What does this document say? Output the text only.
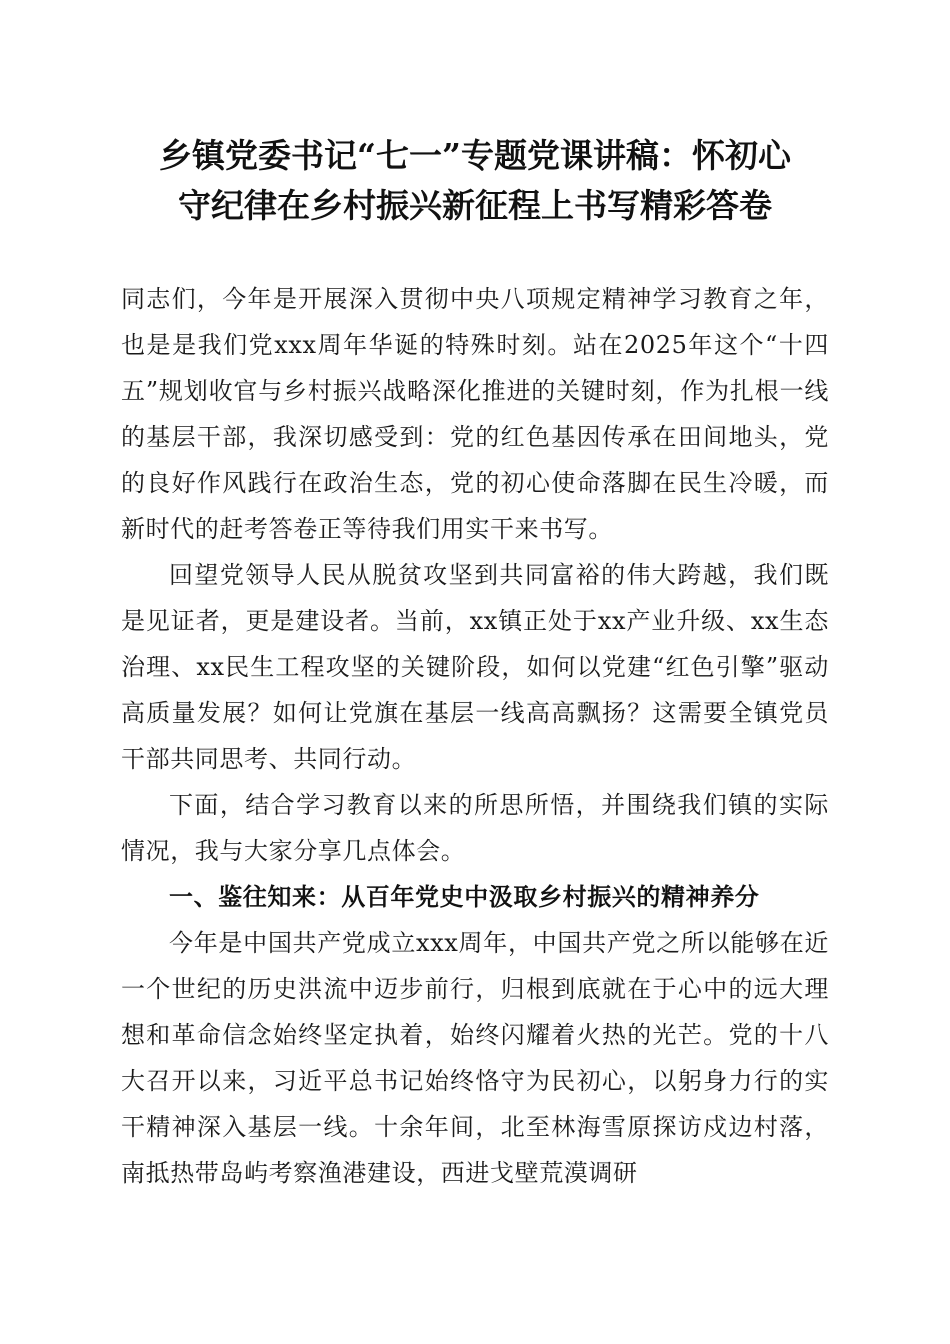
乡镇党委书记“七一”专题党课讲稿：怀初心
守纪律在乡村振兴新征程上书写精彩答卷

同志们，今年是开展深入贯彻中央八项规定精神学习教育之年，也是是我们党xxx周年华诞的特殊时刻。站在2025年这个“十四五”规划收官与乡村振兴战略深化推进的关键时刻，作为扎根一线的基层干部，我深切感受到：党的红色基因传承在田间地头，党的良好作风践行在政治生态，党的初心使命落脚在民生冷暖，而新时代的赶考答卷正等待我们用实干来书写。

回望党领导人民从脱贫攻坚到共同富裕的伟大跨越，我们既是见证者，更是建设者。当前，xx镇正处于xx产业升级、xx生态治理、xx民生工程攻坚的关键阶段，如何以党建“红色引擎”驱动高质量发展？如何让党旗在基层一线高高飘扬？这需要全镇党员干部共同思考、共同行动。

下面，结合学习教育以来的所思所悟，并围绕我们镇的实际情况，我与大家分享几点体会。

一、鉴往知来：从百年党史中汲取乡村振兴的精神养分

今年是中国共产党成立xxx周年，中国共产党之所以能够在近一个世纪的历史洪流中迈步前行，归根到底就在于心中的远大理想和革命信念始终坚定执着，始终闪耀着火热的光芒。党的十八大召开以来，习近平总书记始终恪守为民初心，以躬身力行的实干精神深入基层一线。十余年间，北至林海雪原探访戍边村落，南抵热带岛屿考察渔港建设，西进戈壁荒漠调研
